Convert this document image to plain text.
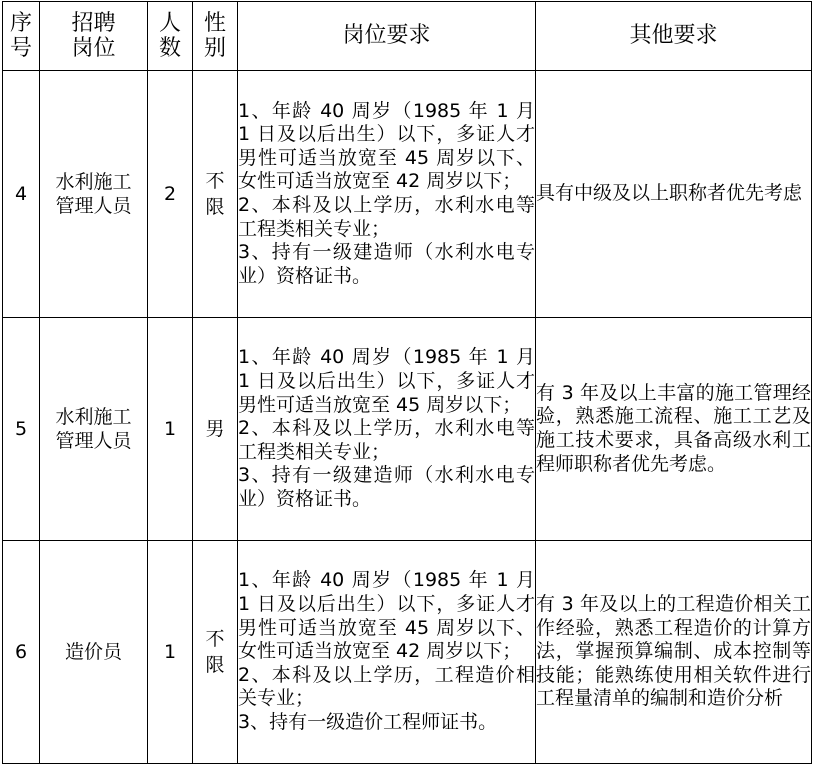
序号	招聘岗位	人数	性别	岗位要求	其他要求
4	水利施工管理人员	2	不限	1、年龄 40 周岁（1985 年 1 月 1 日及以后出生）以下，多证人才男性可适当放宽至 45 周岁以下、女性可适当放宽至 42 周岁以下；
2、本科及以上学历，水利水电等工程类相关专业；
3、持有一级建造师（水利水电专业）资格证书。	具有中级及以上职称者优先考虑

5	水利施工管理人员	1	男	1、年龄 40 周岁（1985 年 1 月 1 日及以后出生）以下，多证人才男性可适当放宽至 45 周岁以下；
2、本科及以上学历，水利水电等工程类相关专业；
3、持有一级建造师（水利水电专业）资格证书。	有 3 年及以上丰富的施工管理经验，熟悉施工流程、施工工艺及施工技术要求，具备高级水利工程师职称者优先考虑。

6	造价员	1	不限	1、年龄 40 周岁（1985 年 1 月 1 日及以后出生）以下，多证人才男性可适当放宽至 45 周岁以下、女性可适当放宽至 42 周岁以下；
2、本科及以上学历，工程造价相关专业；
3、持有一级造价工程师证书。	有 3 年及以上的工程造价相关工作经验，熟悉工程造价的计算方法，掌握预算编制、成本控制等技能；能熟练使用相关软件进行工程量清单的编制和造价分析
